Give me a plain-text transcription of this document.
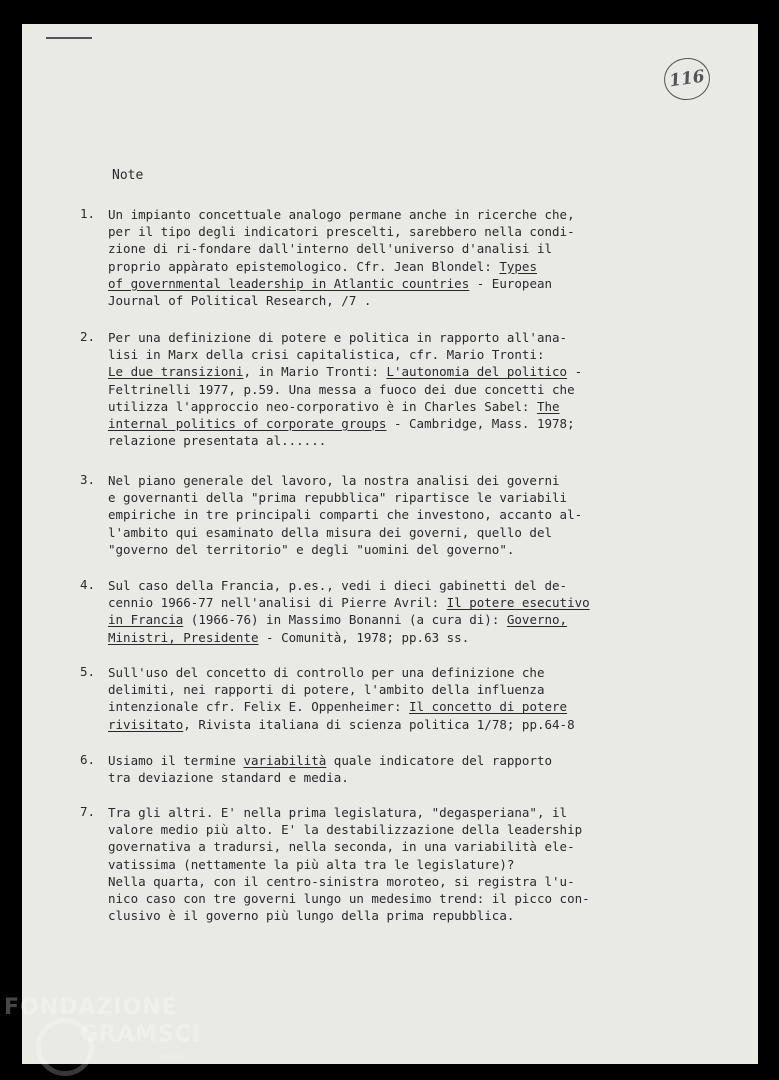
116
Note
1. Un impianto concettuale analogo permane anche in ricerche che,
per il tipo degli indicatori prescelti, sarebbero nella condi-
zione di ri-fondare dall'interno dell'universo d'analisi il
proprio appàrato epistemologico. Cfr. Jean Blondel: Types
of governmental leadership in Atlantic countries - European
Journal of Political Research, /7 .
2. Per una definizione di potere e politica in rapporto all'ana-
lisi in Marx della crisi capitalistica, cfr. Mario Tronti:
Le due transizioni, in Mario Tronti: L'autonomia del politico -
Feltrinelli 1977, p.59. Una messa a fuoco dei due concetti che
utilizza l'approccio neo-corporativo è in Charles Sabel: The
internal politics of corporate groups - Cambridge, Mass. 1978;
relazione presentata al......
3. Nel piano generale del lavoro, la nostra analisi dei governi
e governanti della "prima repubblica" ripartisce le variabili
empiriche in tre principali comparti che investono, accanto al-
l'ambito qui esaminato della misura dei governi, quello del
"governo del territorio" e degli "uomini del governo".
4. Sul caso della Francia, p.es., vedi i dieci gabinetti del de-
cennio 1966-77 nell'analisi di Pierre Avril: Il potere esecutivo
in Francia (1966-76) in Massimo Bonanni (a cura di): Governo,
Ministri, Presidente - Comunità, 1978; pp.63 ss.
5. Sull'uso del concetto di controllo per una definizione che
delimiti, nei rapporti di potere, l'ambito della influenza
intenzionale cfr. Felix E. Oppenheimer: Il concetto di potere
rivisitato, Rivista italiana di scienza politica 1/78; pp.64-8
6. Usiamo il termine variabilità quale indicatore del rapporto
tra deviazione standard e media.
7. Tra gli altri. E' nella prima legislatura, "degasperiana", il
valore medio più alto. E' la destabilizzazione della leadership
governativa a tradursi, nella seconda, in una variabilità ele-
vatissima (nettamente la più alta tra le legislature)?
Nella quarta, con il centro-sinistra moroteo, si registra l'u-
nico caso con tre governi lungo un medesimo trend: il picco con-
clusivo è il governo più lungo della prima repubblica.
FONDAZIONE
GRAMSCI
onlus
